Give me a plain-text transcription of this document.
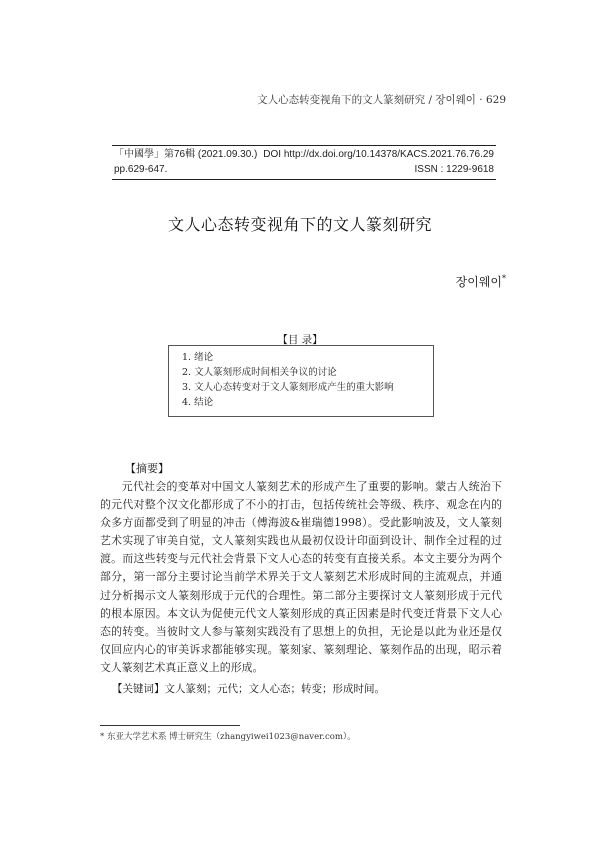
文人心态转变视角下的文人篆刻研究 / 장이웨이 · 629
「中國學」第76輯 (2021.09.30.) DOI http://dx.doi.org/10.14378/KACS.2021.76.76.29
pp.629-647.	ISSN : 1229-9618
文人心态转变视角下的文人篆刻研究
장이웨이*
【目 录】
1. 绪论
2. 文人篆刻形成时间相关争议的讨论
3. 文人心态转变对于文人篆刻形成产生的重大影响
4. 结论
【摘要】

元代社会的变革对中国文人篆刻艺术的形成产生了重要的影响。蒙古人统治下的元代对整个汉文化都形成了不小的打击，包括传统社会等级、秩序、观念在内的众多方面都受到了明显的冲击（傅海波&崔瑞德1998）。受此影响波及，文人篆刻艺术实现了审美自觉，文人篆刻实践也从最初仅设计印面到设计、制作全过程的过渡。而这些转变与元代社会背景下文人心态的转变有直接关系。本文主要分为两个部分，第一部分主要讨论当前学术界关于文人篆刻艺术形成时间的主流观点，并通过分析揭示文人篆刻形成于元代的合理性。第二部分主要探讨文人篆刻形成于元代的根本原因。本文认为促使元代文人篆刻形成的真正因素是时代变迁背景下文人心态的转变。当彼时文人参与篆刻实践没有了思想上的负担，无论是以此为业还是仅仅回应内心的审美诉求都能够实现。篆刻家、篆刻理论、篆刻作品的出现，昭示着文人篆刻艺术真正意义上的形成。

【关键词】文人篆刻；元代；文人心态；转变；形成时间。
* 东亚大学艺术系 博士研究生（zhangyiwei1023@naver.com）。
